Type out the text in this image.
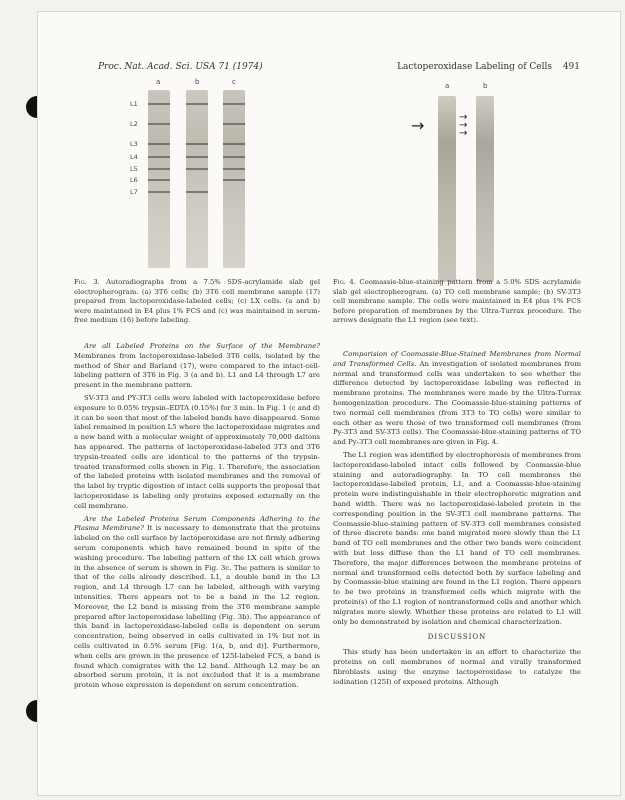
Proc. Nat. Acad. Sci. USA 71 (1974)	Lactoperoxidase Labeling of Cells 491
a	b	c
L1
L2
L3
L4
L5
L6
L7
Fig. 3. Autoradiographs from a 7.5% SDS-acrylamide slab gel electropherogram. (a) 3T6 cells; (b) 3T6 cell membrane sample (17) prepared from lactoperoxidase-labeled cells; (c) LX cells. (a and b) were maintained in E4 plus 1% FCS and (c) was maintained in serum-free medium (16) before labeling.
a	b
→	→
→
→
Fig. 4. Coomassie-blue-staining pattern from a 5.0% SDS acrylamide slab gel electropherogram. (a) TO cell membrane sample; (b) SV-3T3 cell membrane sample. The cells were maintained in E4 plus 1% FCS before preparation of membranes by the Ultra-Turrax procedure. The arrows designate the L1 region (see text).

Are all Labeled Proteins on the Surface of the Membrane? Membranes from lactoperoxidase-labeled 3T6 cells, isolated by the method of Sher and Barland (17), were compared to the intact-cell-labeling pattern of 3T6 in Fig. 3 (a and b). L1 and L4 through L7 are present in the membrane pattern.

SV-3T3 and PY-3T3 cells were labeled with lactoperoxidase before exposure to 0.05% trypsin–EDTA (0.15%) for 3 min. In Fig. 1 (c and d) it can be seen that most of the labeled bands have disappeared. Some label remained in position L5 where the lactoperoxidase migrates and a new band with a molecular weight of approximately 70,000 daltons has appeared. The patterns of lactoperoxidase-labeled 3T3 and 3T6 trypsin-treated cells are identical to the patterns of the trypsin-treated transformed cells shown in Fig. 1. Therefore, the association of the labeled proteins with isolated membranes and the removal of the label by tryptic digestion of intact cells supports the proposal that lactoperoxidase is labeling only proteins exposed externally on the cell membrane.

Are the Labeled Proteins Serum Components Adhering to the Plasma Membrane? It is necessary to demonstrate that the proteins labeled on the cell surface by lactoperoxidase are not firmly adhering serum components which have remained bound in spite of the washing procedure. The labeling pattern of the LX cell which grows in the absence of serum is shown in Fig. 3c. The pattern is similar to that of the cells already described. L1, a double band in the L3 region, and L4 through L7 can be labeled, although with varying intensities. There appears not to be a band in the L2 region. Moreover, the L2 band is missing from the 3T6 membrane sample prepared after lactoperoxidase labelling (Fig. 3b). The appearance of this band in lactoperoxidase-labeled cells is dependent on serum concentration, being observed in cells cultivated in 1% but not in cells cultivated in 0.5% serum [Fig. 1(a, b, and d)]. Furthermore, when cells are grown in the presence of 125I-labeled FCS, a band is found which comigrates with the L2 band. Although L2 may be an absorbed serum protein, it is not excluded that it is a membrane protein whose expression is dependent on serum concentration.

Comparision of Coomassie-Blue-Stained Membranes from Normal and Transformed Cells. An investigation of isolated membranes from normal and transformed cells was undertaken to see whether the difference detected by lactoperoxidase labeling was reflected in membrane proteins. The membranes were made by the Ultra-Turrax homogenization procedure. The Coomassie-blue-staining patterns of two normal cell membranes (from 3T3 to TO cells) were similar to each other as were those of two transformed cell membranes (from Py-3T3 and SV-3T3 cells). The Coomassie-blue-staining patterns of TO and Py-3T3 cell membranes are given in Fig. 4.

The L1 region was identified by electrophoresis of membranes from lactoperoxidase-labeled intact cells followed by Coomassie-blue staining and autoradiography. In TO cell membranes the lactoperoxidase-labeled protein, L1, and a Coomassie-blue-staining protein were indistinguishable in their electrophoretic migration and band width. There was no lactoperoxidase-labeled protein in the corresponding position in the SV-3T3 cell membrane patterns. The Coomassie-blue-staining pattern of SV-3T3 cell membranes consisted of three discrete bands: one band migrated more slowly than the L1 band of TO cell membranes and the other two bands were coincident with but less diffuse than the L1 band of TO cell membranes. Therefore, the major differences between the membrane proteins of normal and transformed cells detected both by surface labeling and by Coomassie-blue staining are found in the L1 region. There appears to be two proteins in transformed cells which migrate with the protein(s) of the L1 region of nontransformed cells and another which migrates more slowly. Whether these proteins are related to L1 will only be demonstrated by isolation and chemical characterization.

DISCUSSION

This study has been undertaken in an effort to characterize the proteins on cell membranes of normal and virally transformed fibroblasts using the enzyme lactoperoxidase to catalyze the iodination (125I) of exposed proteins. Although
